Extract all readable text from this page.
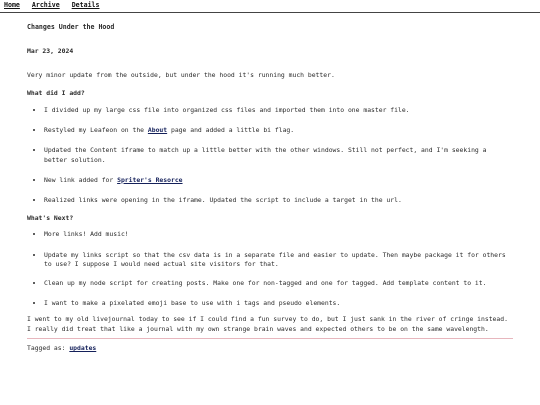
Home Archive Details
Changes Under the Hood
Mar 23, 2024

Very minor update from the outside, but under the hood it's running much better.

What did I add?
• I divided up my large css file into organized css files and imported them into one master file.
• Restyled my Leafeon on the About page and added a little bi flag.
• Updated the Content iframe to match up a little better with the other windows. Still not perfect, and I'm seeking a better solution.
• New link added for Spriter's Resorce
• Realized links were opening in the iframe. Updated the script to include a target in the url.
What's Next?
• More links! Add music!
• Update my links script so that the csv data is in a separate file and easier to update. Then maybe package it for others to use? I suppose I would need actual site visitors for that.
• Clean up my node script for creating posts. Make one for non-tagged and one for tagged. Add template content to it.
• I want to make a pixelated emoji base to use with i tags and pseudo elements.

I went to my old livejournal today to see if I could find a fun survey to do, but I just sank in the river of cringe instead. I really did treat that like a journal with my own strange brain waves and expected others to be on the same wavelength.

Tagged as: updates
